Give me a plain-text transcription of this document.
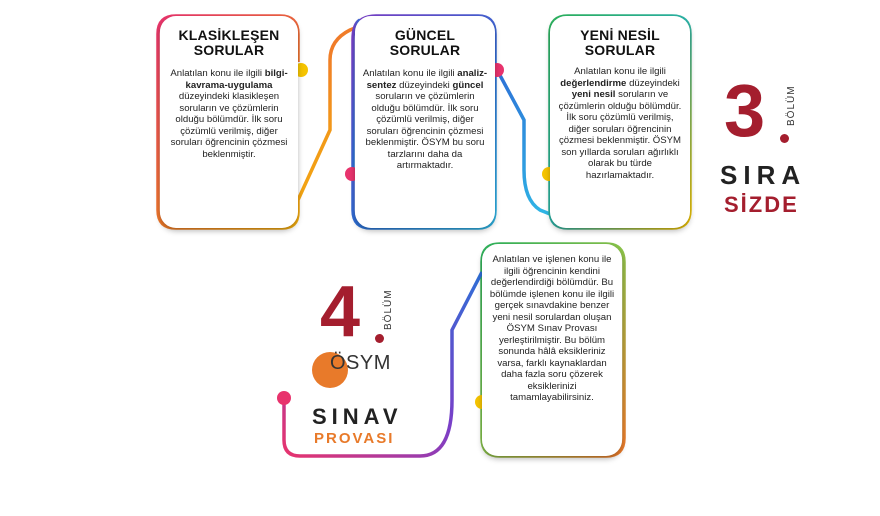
KLASİKLEŞEN SORULAR
Anlatılan konu ile ilgili bilgi-kavrama-uygulama düzeyindeki klasikleşen soruların ve çözümlerin olduğu bölümdür. İlk soru çözümlü verilmiş, diğer soruları öğrencinin çözmesi beklenmiştir.
GÜNCEL SORULAR
Anlatılan konu ile ilgili analiz-sentez düzeyindeki güncel soruların ve çözümlerin olduğu bölümdür. İlk soru çözümlü verilmiş, diğer soruları öğrencinin çözmesi beklenmiştir. ÖSYM bu soru tarzlarını daha da artırmaktadır.
YENİ NESİL SORULAR
Anlatılan konu ile ilgili değerlendirme düzeyindeki yeni nesil soruların ve çözümlerin olduğu bölümdür. İlk soru çözümlü verilmiş, diğer soruları öğrencinin çözmesi beklenmiştir. ÖSYM son yıllarda soruları ağırlıklı olarak bu türde hazırlamaktadır.
Anlatılan ve işlenen konu ile ilgili öğrencinin kendini değerlendirdiği bölümdür. Bu bölümde işlenen konu ile ilgili gerçek sınavdakine benzer yeni nesil sorulardan oluşan ÖSYM Sınav Provası yerleştirilmiştir. Bu bölüm sonunda hâlâ eksikleriniz varsa, farklı kaynaklardan daha fazla soru çözerek eksiklerinizi tamamlayabilirsiniz.
3 BÖLÜM
SIRA
SİZDE
4 BÖLÜM
ÖSYM
SINAV
PROVASI
